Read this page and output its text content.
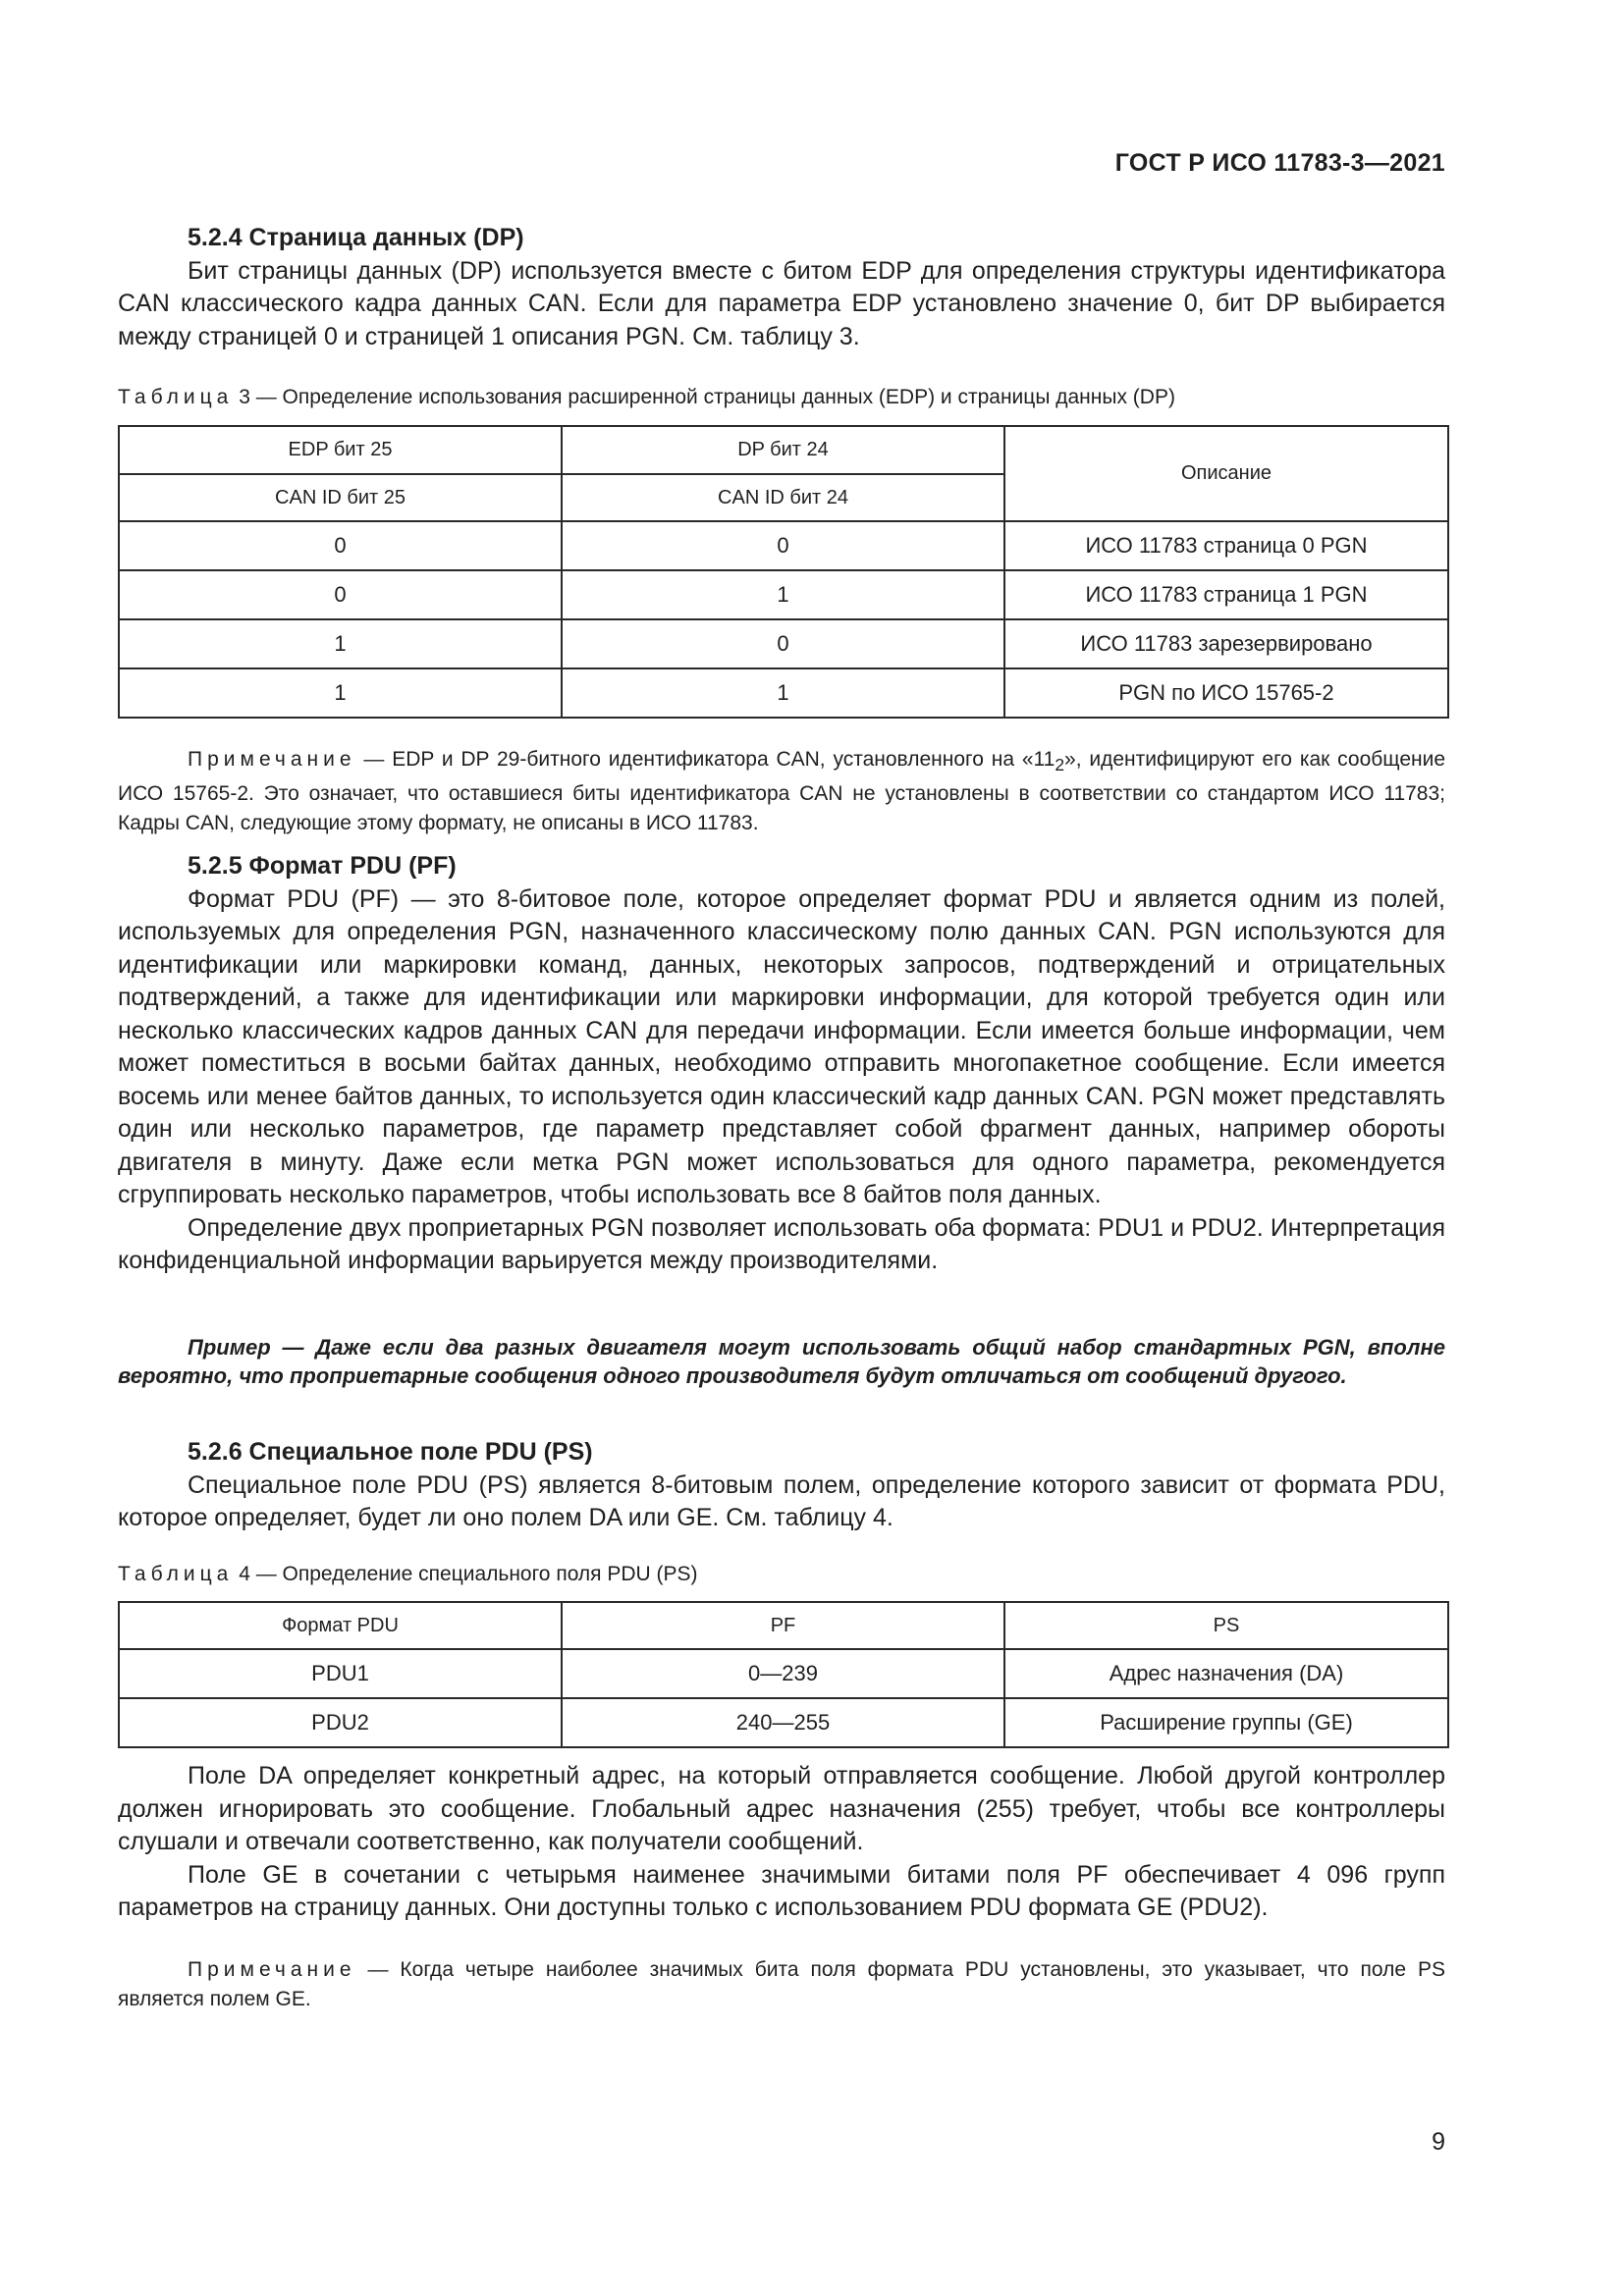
ГОСТ Р ИСО 11783-3—2021

5.2.4 Страница данных (DP)

Бит страницы данных (DP) используется вместе с битом EDP для определения структуры идентификатора CAN классического кадра данных CAN. Если для параметра EDP установлено значение 0, бит DP выбирается между страницей 0 и страницей 1 описания PGN. См. таблицу 3.

Таблица 3 — Определение использования расширенной страницы данных (EDP) и страницы данных (DP)
EDP бит 25	DP бит 24	Описание
CAN ID бит 25	CAN ID бит 24	
0	0	ИСО 11783 страница 0 PGN
0	1	ИСО 11783 страница 1 PGN
1	0	ИСО 11783 зарезервировано
1	1	PGN по ИСО 15765-2

Примечание — EDP и DP 29-битного идентификатора CAN, установленного на «$11_2$», идентифицируют его как сообщение ИСО 15765-2. Это означает, что оставшиеся биты идентификатора CAN не установлены в соответствии со стандартом ИСО 11783; Кадры CAN, следующие этому формату, не описаны в ИСО 11783.

5.2.5 Формат PDU (PF)

Формат PDU (PF) — это 8-битовое поле, которое определяет формат PDU и является одним из полей, используемых для определения PGN, назначенного классическому полю данных CAN. PGN используются для идентификации или маркировки команд, данных, некоторых запросов, подтверждений и отрицательных подтверждений, а также для идентификации или маркировки информации, для которой требуется один или несколько классических кадров данных CAN для передачи информации. Если имеется больше информации, чем может поместиться в восьми байтах данных, необходимо отправить многопакетное сообщение. Если имеется восемь или менее байтов данных, то используется один классический кадр данных CAN. PGN может представлять один или несколько параметров, где параметр представляет собой фрагмент данных, например обороты двигателя в минуту. Даже если метка PGN может использоваться для одного параметра, рекомендуется сгруппировать несколько параметров, чтобы использовать все 8 байтов поля данных.

Определение двух проприетарных PGN позволяет использовать оба формата: PDU1 и PDU2. Интерпретация конфиденциальной информации варьируется между производителями.

Пример — Даже если два разных двигателя могут использовать общий набор стандартных PGN, вполне вероятно, что проприетарные сообщения одного производителя будут отличаться от сообщений другого.

5.2.6 Специальное поле PDU (PS)

Специальное поле PDU (PS) является 8-битовым полем, определение которого зависит от формата PDU, которое определяет, будет ли оно полем DA или GE. См. таблицу 4.

Таблица 4 — Определение специального поля PDU (PS)
Формат PDU	PF	PS
PDU1	0—239	Адрес назначения (DA)
PDU2	240—255	Расширение группы (GE)

Поле DA определяет конкретный адрес, на который отправляется сообщение. Любой другой контроллер должен игнорировать это сообщение. Глобальный адрес назначения (255) требует, чтобы все контроллеры слушали и отвечали соответственно, как получатели сообщений.

Поле GE в сочетании с четырьмя наименее значимыми битами поля PF обеспечивает 4 096 групп параметров на страницу данных. Они доступны только с использованием PDU формата GE (PDU2).

Примечание — Когда четыре наиболее значимых бита поля формата PDU установлены, это указывает, что поле PS является полем GE.

9
